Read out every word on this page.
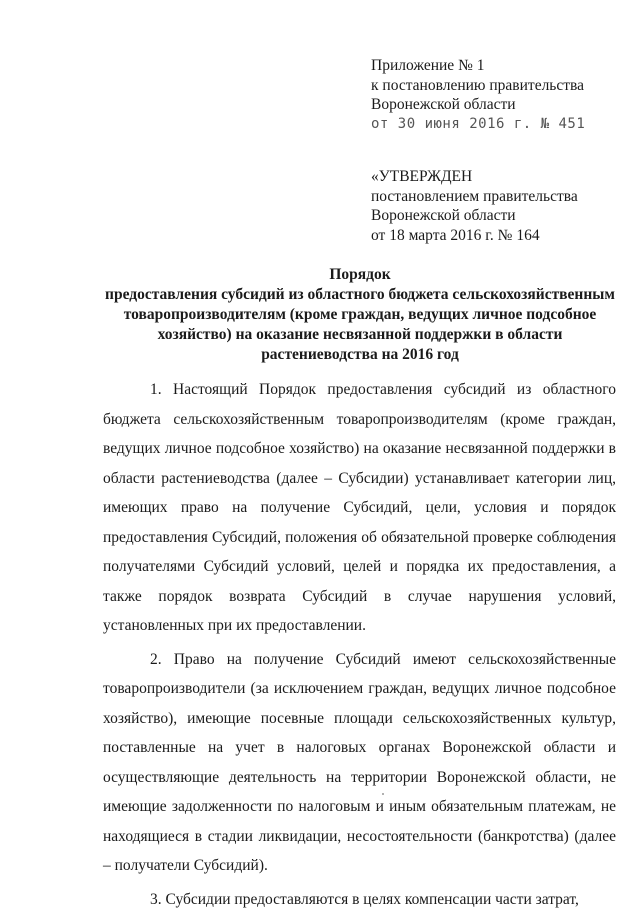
Приложение № 1
к постановлению правительства
Воронежской области
от 30 июня 2016 г. № 451
«УТВЕРЖДЕН
постановлением правительства
Воронежской области
от 18 марта 2016 г. № 164
Порядок
предоставления субсидий из областного бюджета сельскохозяйственным
товаропроизводителям (кроме граждан, ведущих личное подсобное
хозяйство) на оказание несвязанной поддержки в области
растениеводства на 2016 год

1. Настоящий Порядок предоставления субсидий из областного бюджета сельскохозяйственным товаропроизводителям (кроме граждан, ведущих личное подсобное хозяйство) на оказание несвязанной поддержки в области растениеводства (далее – Субсидии) устанавливает категории лиц, имеющих право на получение Субсидий, цели, условия и порядок предоставления Субсидий, положения об обязательной проверке соблюдения получателями Субсидий условий, целей и порядка их предоставления, а также порядок возврата Субсидий в случае нарушения условий, установленных при их предоставлении.

2. Право на получение Субсидий имеют сельскохозяйственные товаропроизводители (за исключением граждан, ведущих личное подсобное хозяйство), имеющие посевные площади сельскохозяйственных культур, поставленные на учет в налоговых органах Воронежской области и осуществляющие деятельность на территории Воронежской области, не имеющие задолженности по налоговым и иным обязательным платежам, не находящиеся в стадии ликвидации, несостоятельности (банкротства) (далее – получатели Субсидий).

3. Субсидии предоставляются в целях компенсации части затрат,
